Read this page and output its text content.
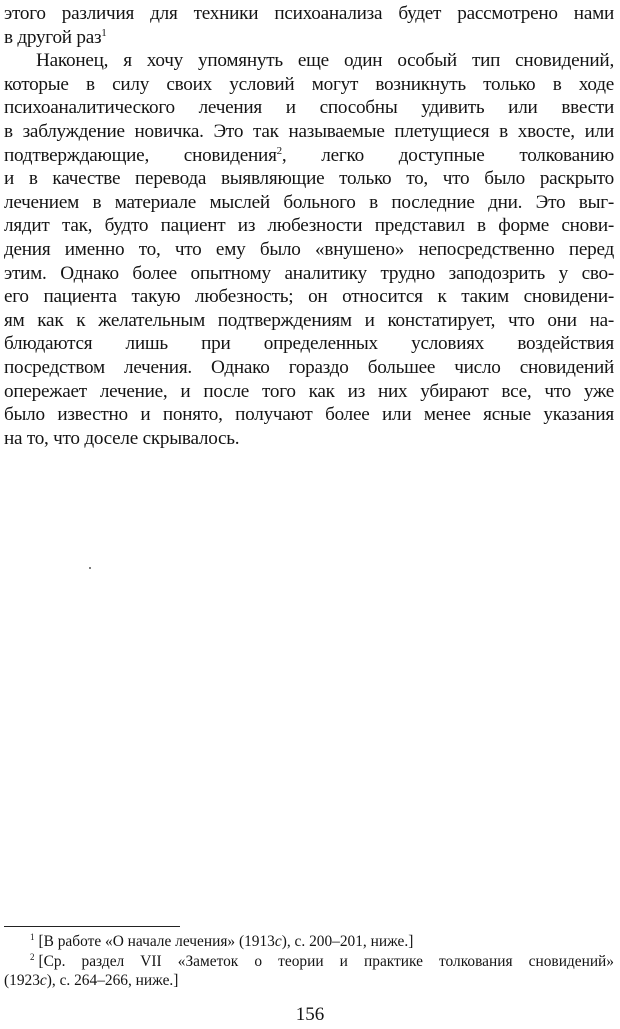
этого различия для техники психоанализа будет рассмотрено нами
в другой раз$^1$
Наконец, я хочу упомянуть еще один особый тип сновидений,
которые в силу своих условий могут возникнуть только в ходе
психоаналитического лечения и способны удивить или ввести
в заблуждение новичка. Это так называемые плетущиеся в хвосте, или
подтверждающие, сновидения$^2$, легко доступные толкованию
и в качестве перевода выявляющие только то, что было раскрыто
лечением в материале мыслей больного в последние дни. Это выг-
лядит так, будто пациент из любезности представил в форме снови-
дения именно то, что ему было «внушено» непосредственно перед
этим. Однако более опытному аналитику трудно заподозрить у сво-
его пациента такую любезность; он относится к таким сновидени-
ям как к желательным подтверждениям и констатирует, что они на-
блюдаются лишь при определенных условиях воздействия
посредством лечения. Однако гораздо большее число сновидений
опережает лечение, и после того как из них убирают все, что уже
было известно и понято, получают более или менее ясные указания
на то, что доселе скрывалось.
$^1$ [В работе «О начале лечения» (1913c), с. 200–201, ниже.]
$^2$ [Ср. раздел VII «Заметок о теории и практике толкования сновидений»
(1923c), с. 264–266, ниже.]
156
